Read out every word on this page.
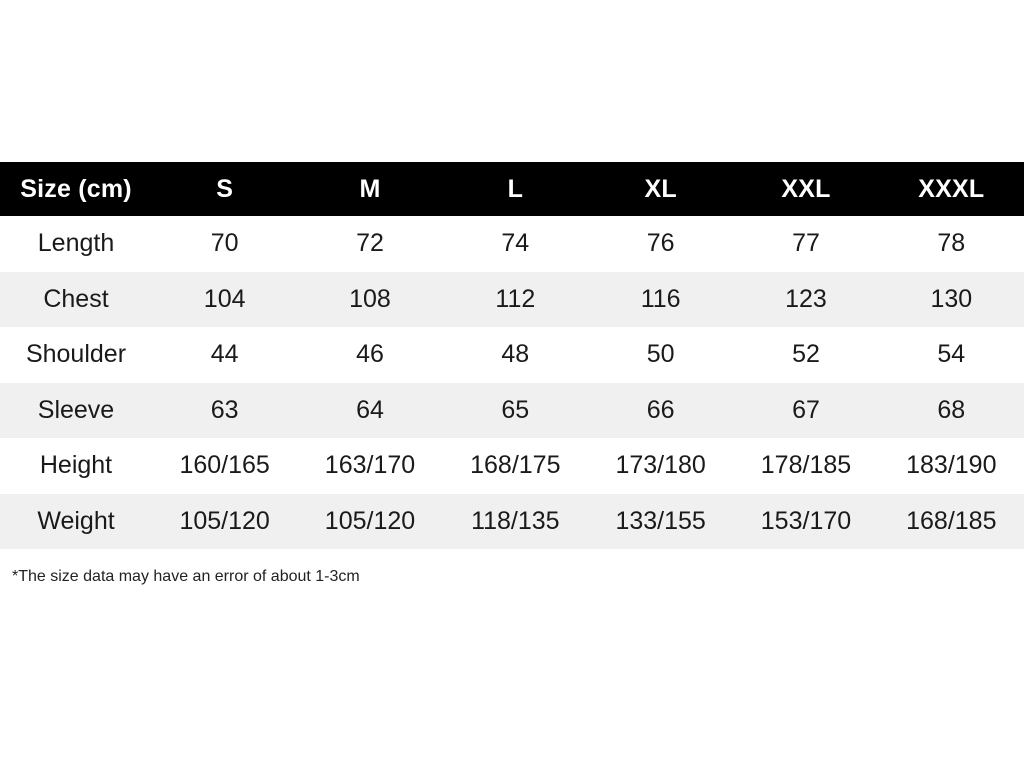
Size (cm)	S	M	L	XL	XXL	XXXL
Length	70	72	74	76	77	78
Chest	104	108	112	116	123	130
Shoulder	44	46	48	50	52	54
Sleeve	63	64	65	66	67	68
Height	160/165	163/170	168/175	173/180	178/185	183/190
Weight	105/120	105/120	118/135	133/155	153/170	168/185
*The size data may have an error of about 1-3cm
